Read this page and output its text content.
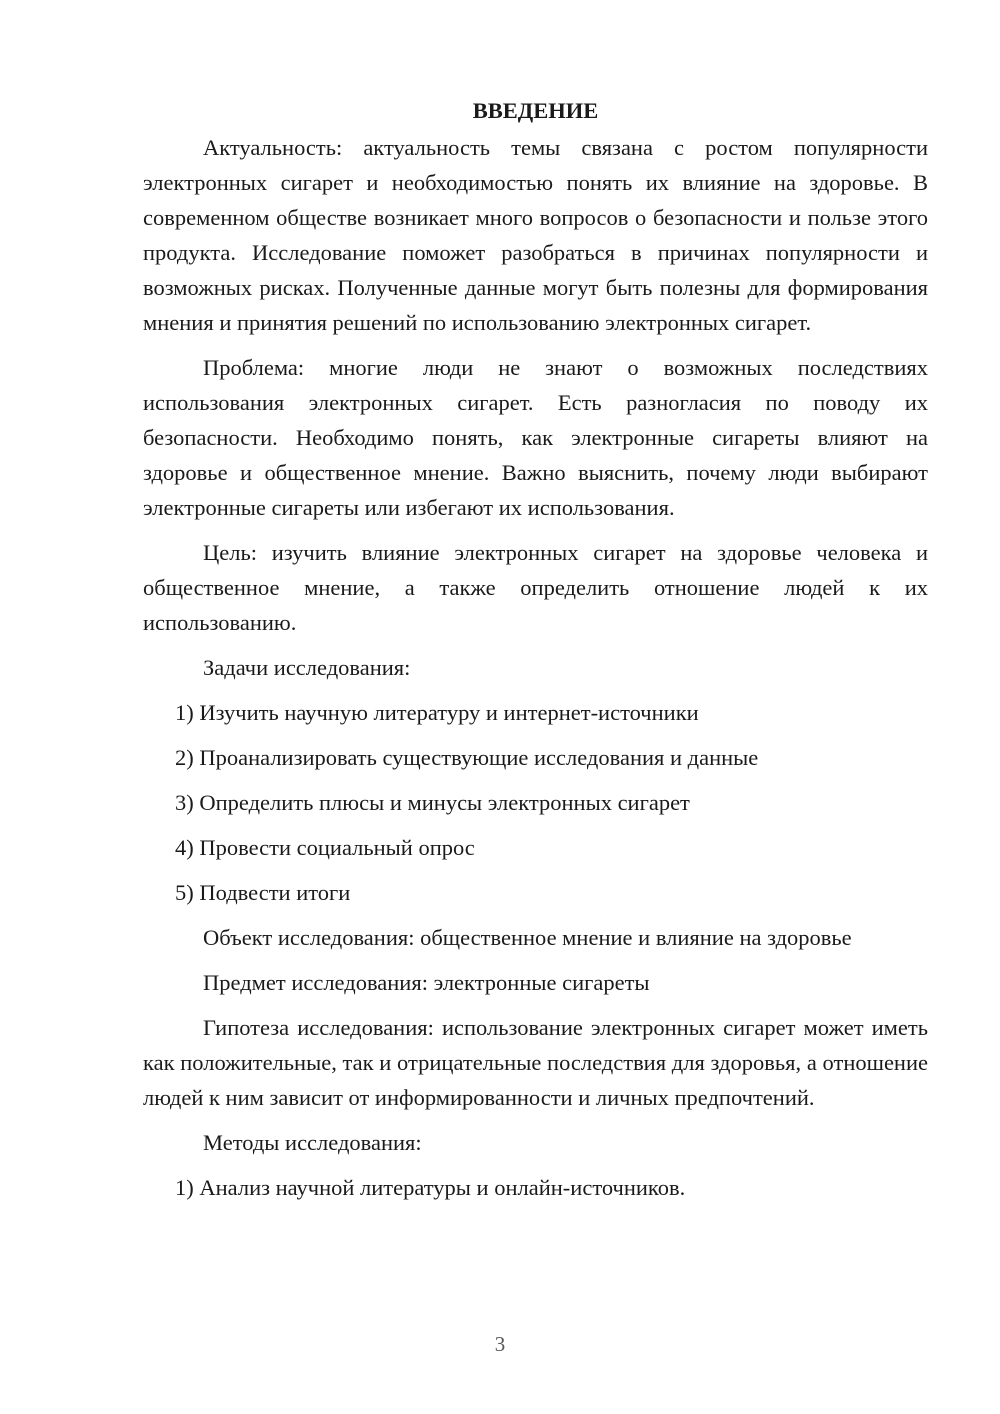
ВВЕДЕНИЕ

Актуальность: актуальность темы связана с ростом популярности электронных сигарет и необходимостью понять их влияние на здоровье. В современном обществе возникает много вопросов о безопасности и пользе этого продукта. Исследование поможет разобраться в причинах популярности и возможных рисках. Полученные данные могут быть полезны для формирования мнения и принятия решений по использованию электронных сигарет.

Проблема: многие люди не знают о возможных последствиях использования электронных сигарет. Есть разногласия по поводу их безопасности. Необходимо понять, как электронные сигареты влияют на здоровье и общественное мнение. Важно выяснить, почему люди выбирают электронные сигареты или избегают их использования.

Цель: изучить влияние электронных сигарет на здоровье человека и общественное мнение, а также определить отношение людей к их использованию.

Задачи исследования:

1) Изучить научную литературу и интернет-источники

2) Проанализировать существующие исследования и данные

3) Определить плюсы и минусы электронных сигарет

4) Провести социальный опрос

5) Подвести итоги

Объект исследования: общественное мнение и влияние на здоровье

Предмет исследования: электронные сигареты

Гипотеза исследования: использование электронных сигарет может иметь как положительные, так и отрицательные последствия для здоровья, а отношение людей к ним зависит от информированности и личных предпочтений.

Методы исследования:

1) Анализ научной литературы и онлайн-источников.

3
